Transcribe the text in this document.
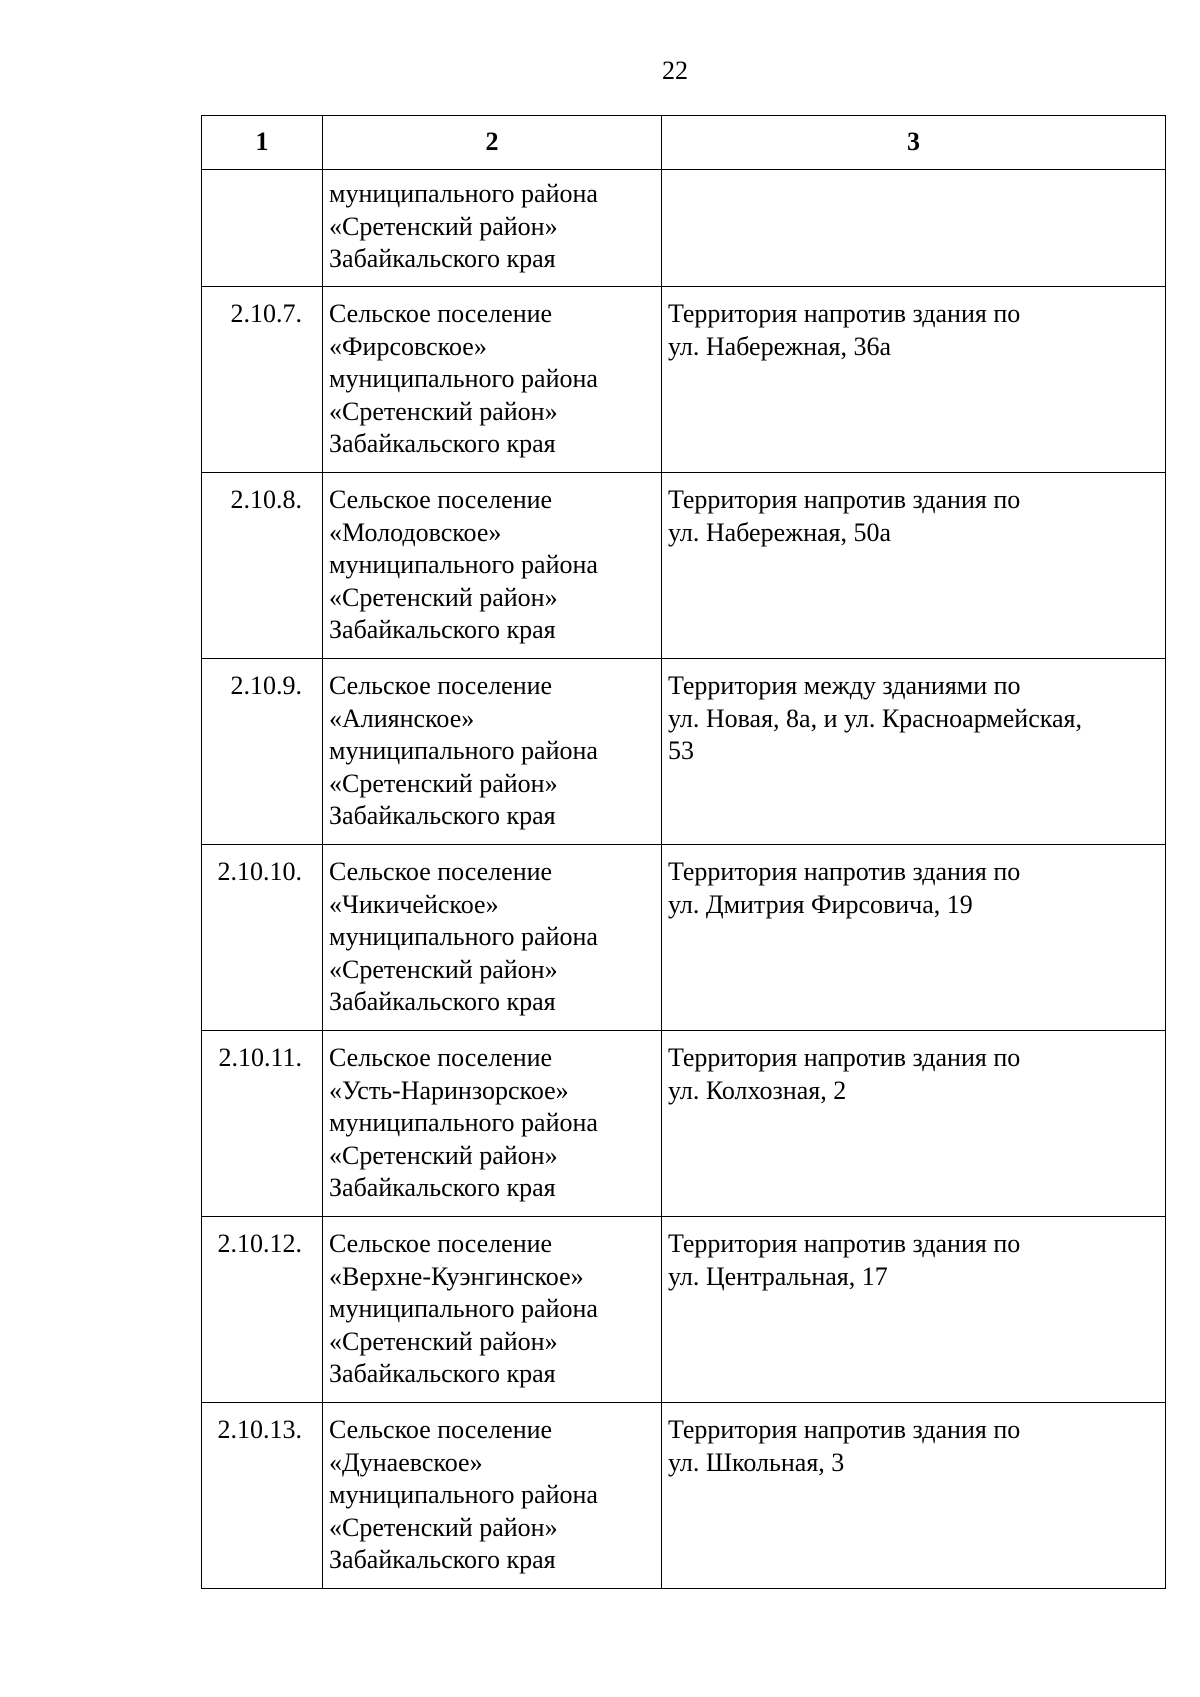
22
1	2	3

	муниципального района
«Сретенский район»
Забайкальского края	

2.10.7.	Сельское поселение
«Фирсовское»
муниципального района
«Сретенский район»
Забайкальского края	Территория напротив здания по
ул. Набережная, 36а

2.10.8.	Сельское поселение
«Молодовское»
муниципального района
«Сретенский район»
Забайкальского края	Территория напротив здания по
ул. Набережная, 50а

2.10.9.	Сельское поселение
«Алиянское»
муниципального района
«Сретенский район»
Забайкальского края	Территория между зданиями по
ул. Новая, 8а, и ул. Красноармейская,
53

2.10.10.	Сельское поселение
«Чикичейское»
муниципального района
«Сретенский район»
Забайкальского края	Территория напротив здания по
ул. Дмитрия Фирсовича, 19

2.10.11.	Сельское поселение
«Усть-Наринзорское»
муниципального района
«Сретенский район»
Забайкальского края	Территория напротив здания по
ул. Колхозная, 2

2.10.12.	Сельское поселение
«Верхне-Куэнгинское»
муниципального района
«Сретенский район»
Забайкальского края	Территория напротив здания по
ул. Центральная, 17

2.10.13.	Сельское поселение
«Дунаевское»
муниципального района
«Сретенский район»
Забайкальского края	Территория напротив здания по
ул. Школьная, 3
